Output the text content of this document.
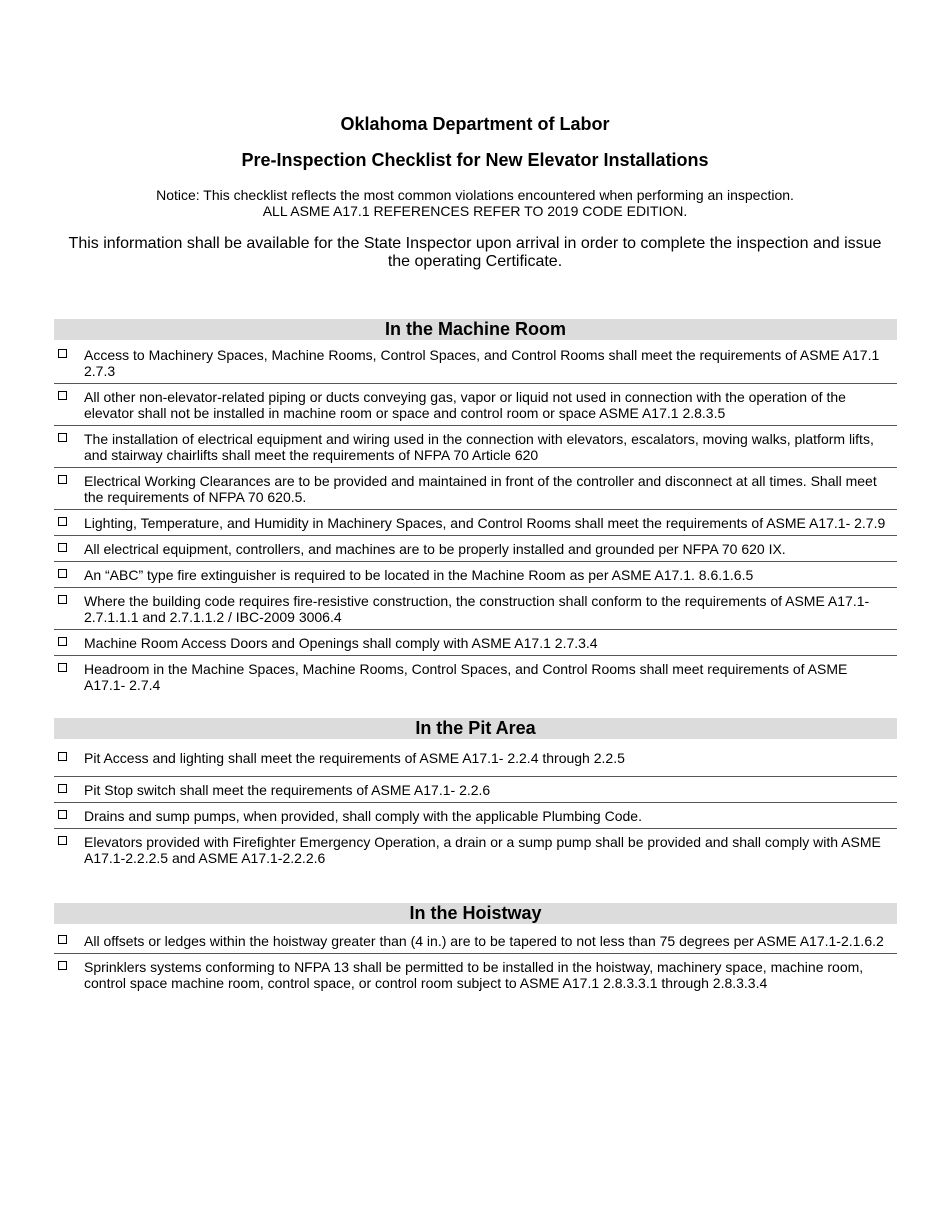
Oklahoma Department of Labor
Pre-Inspection Checklist for New Elevator Installations
Notice: This checklist reflects the most common violations encountered when performing an inspection.
ALL ASME A17.1 REFERENCES REFER TO 2019 CODE EDITION.
This information shall be available for the State Inspector upon arrival in order to complete the inspection and issue the operating Certificate.
In the Machine Room
Access to Machinery Spaces, Machine Rooms, Control Spaces, and Control Rooms shall meet the requirements of ASME A17.1 2.7.3
All other non-elevator-related piping or ducts conveying gas, vapor or liquid not used in connection with the operation of the elevator shall not be installed in machine room or space and control room or space ASME A17.1 2.8.3.5
The installation of electrical equipment and wiring used in the connection with elevators, escalators, moving walks, platform lifts, and stairway chairlifts shall meet the requirements of NFPA 70 Article 620
Electrical Working Clearances are to be provided and maintained in front of the controller and disconnect at all times. Shall meet the requirements of NFPA 70 620.5.
Lighting, Temperature, and Humidity in Machinery Spaces, and Control Rooms shall meet the requirements of ASME A17.1- 2.7.9
All electrical equipment, controllers, and machines are to be properly installed and grounded per NFPA 70 620 IX.
An “ABC” type fire extinguisher is required to be located in the Machine Room as per ASME A17.1. 8.6.1.6.5
Where the building code requires fire-resistive construction, the construction shall conform to the requirements of ASME A17.1- 2.7.1.1.1 and 2.7.1.1.2 / IBC-2009 3006.4
Machine Room Access Doors and Openings shall comply with ASME A17.1 2.7.3.4
Headroom in the Machine Spaces, Machine Rooms, Control Spaces, and Control Rooms shall meet requirements of ASME A17.1- 2.7.4
In the Pit Area
Pit Access and lighting shall meet the requirements of ASME A17.1- 2.2.4 through 2.2.5
Pit Stop switch shall meet the requirements of ASME A17.1- 2.2.6
Drains and sump pumps, when provided, shall comply with the applicable Plumbing Code.
Elevators provided with Firefighter Emergency Operation, a drain or a sump pump shall be provided and shall comply with ASME A17.1-2.2.2.5 and ASME A17.1-2.2.2.6
In the Hoistway
All offsets or ledges within the hoistway greater than (4 in.) are to be tapered to not less than 75 degrees per ASME A17.1-2.1.6.2
Sprinklers systems conforming to NFPA 13 shall be permitted to be installed in the hoistway, machinery space, machine room, control space machine room, control space, or control room subject to ASME A17.1 2.8.3.3.1 through 2.8.3.3.4
